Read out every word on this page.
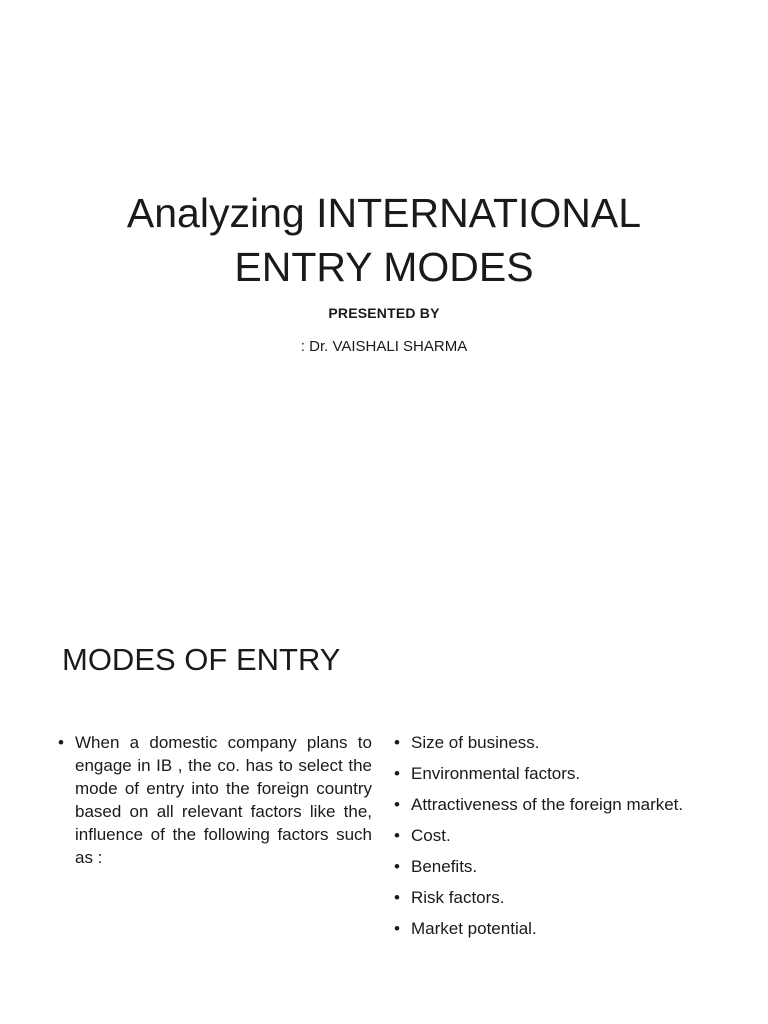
Analyzing INTERNATIONAL
ENTRY MODES
PRESENTED BY
: Dr. VAISHALI SHARMA
MODES OF ENTRY
• When a domestic company plans to engage in IB , the co. has to select the mode of entry into the foreign country based on all relevant factors like the, influence of the following factors such as :
• Size of business.
• Environmental factors.
• Attractiveness of the foreign market.
• Cost.
• Benefits.
• Risk factors.
• Market potential.
